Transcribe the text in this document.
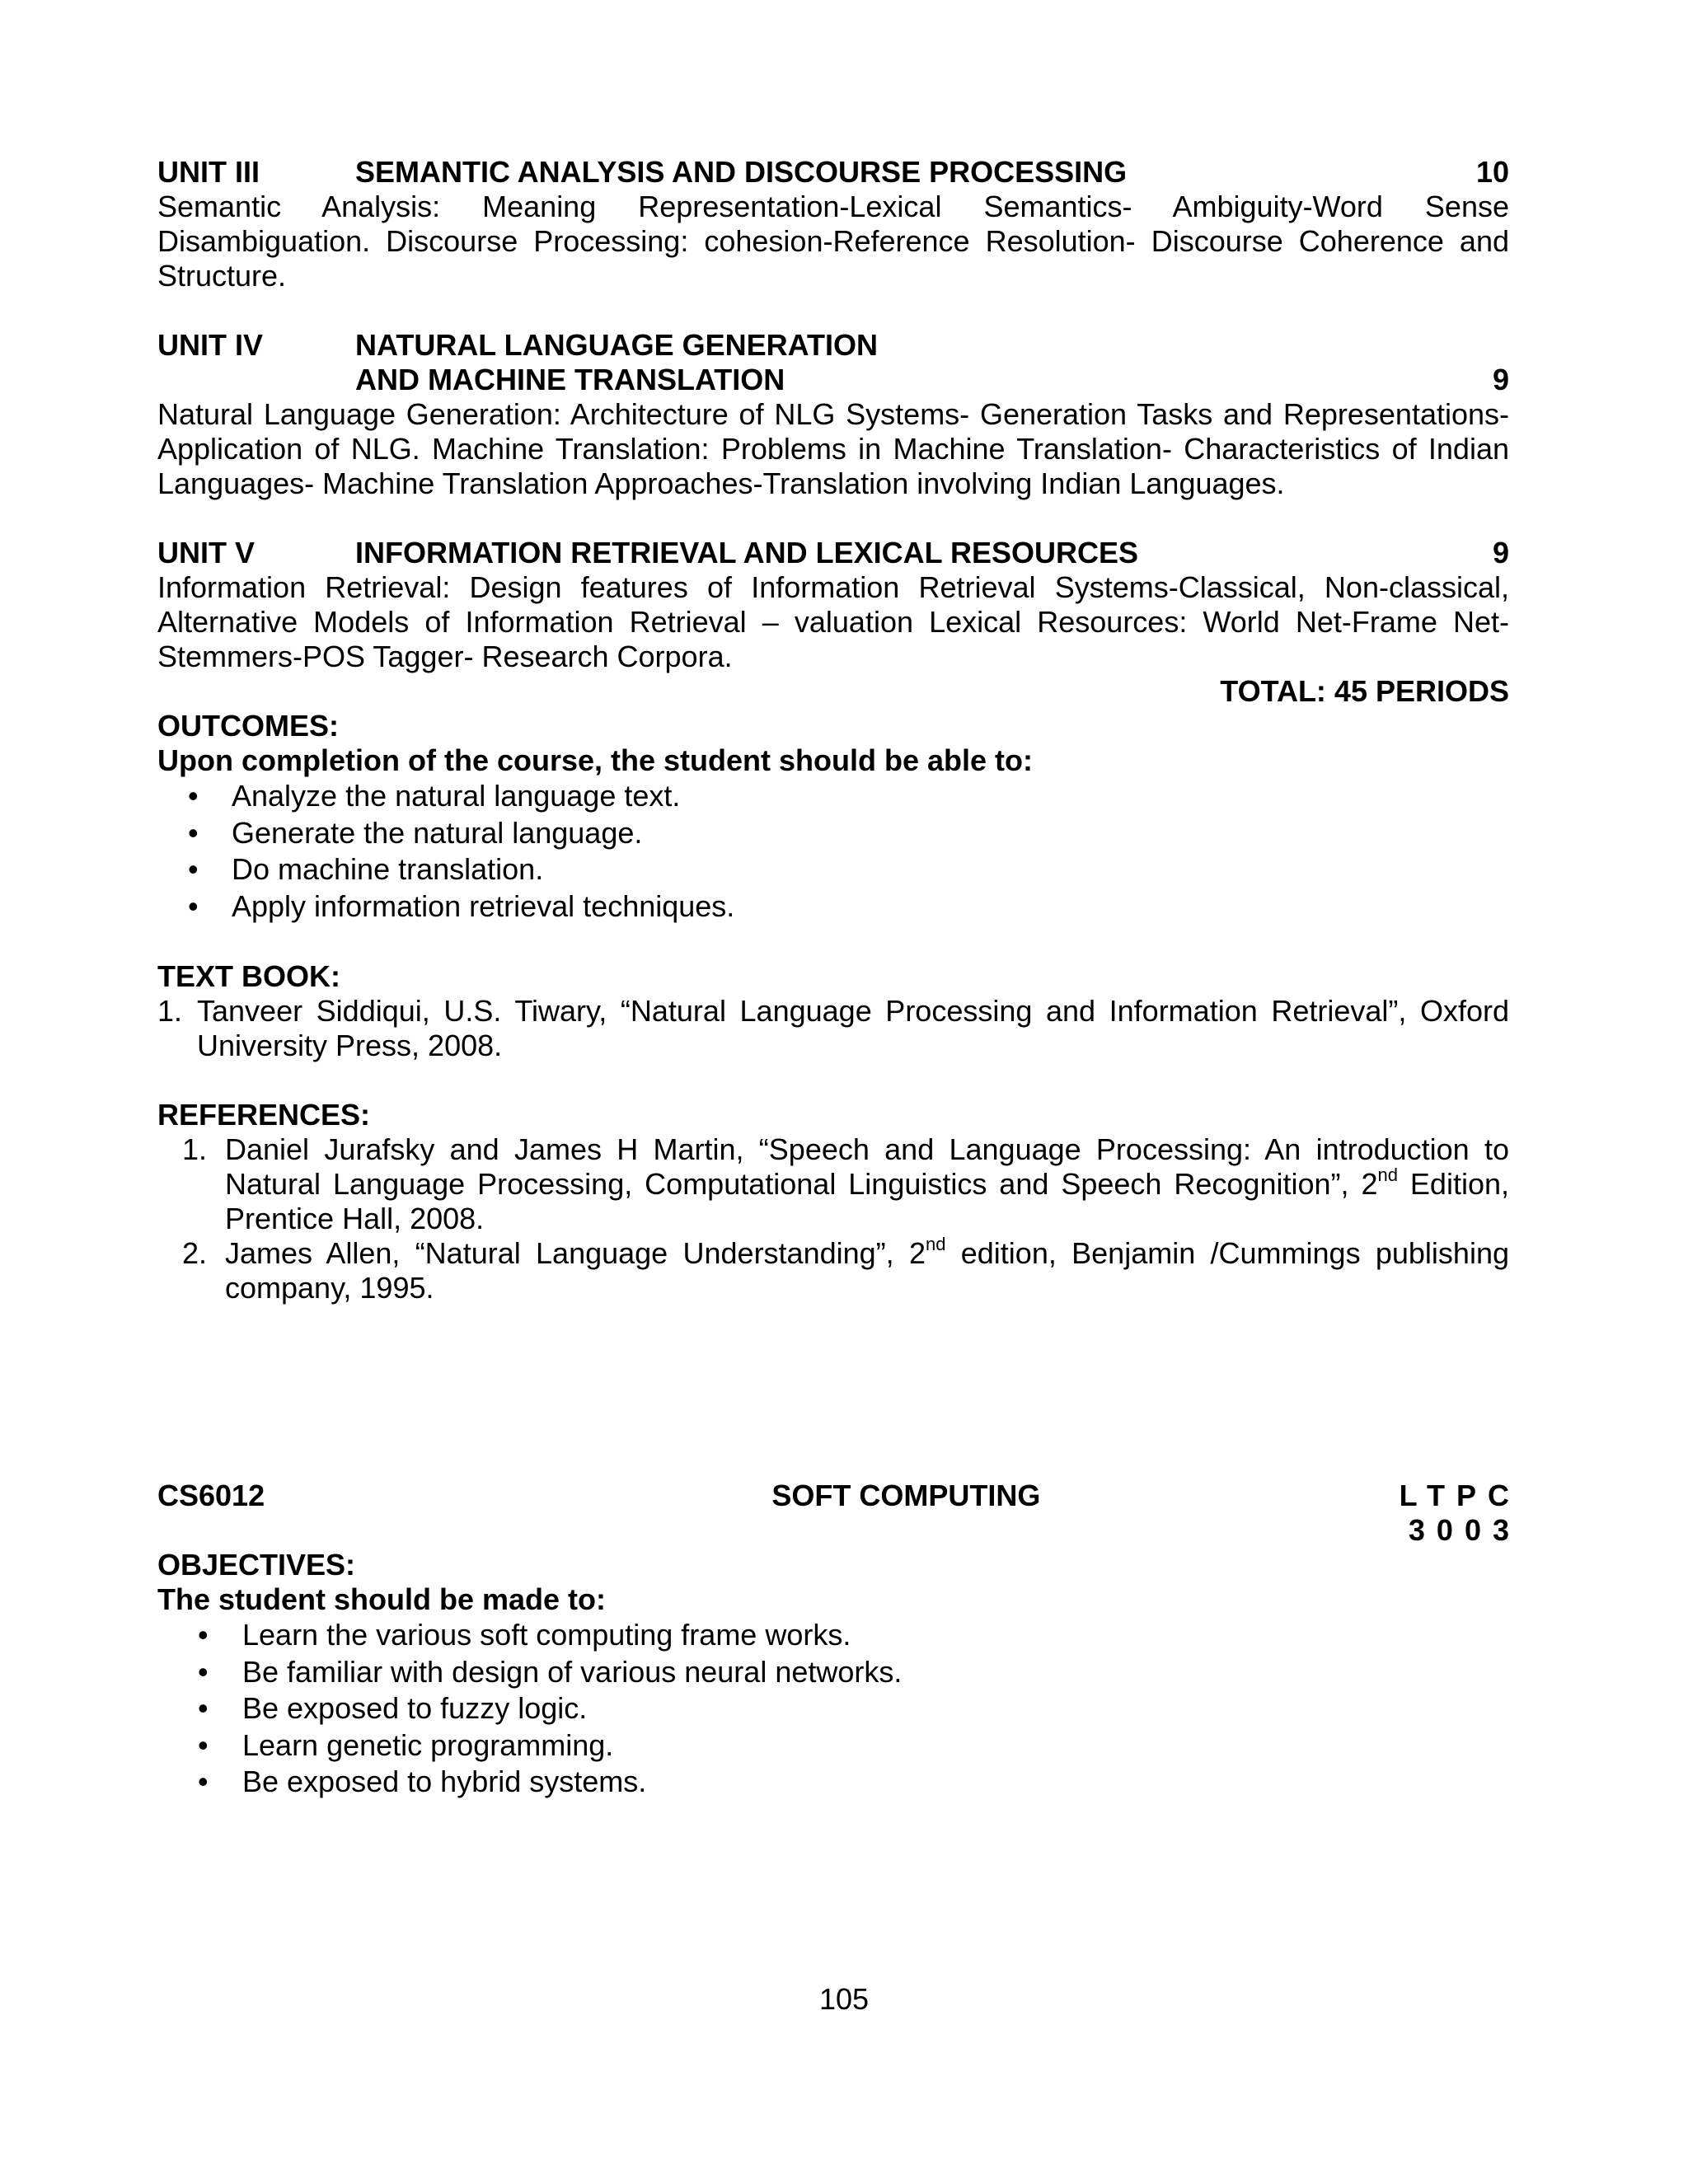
UNIT III	SEMANTIC ANALYSIS AND DISCOURSE PROCESSING	10
Semantic Analysis: Meaning Representation-Lexical Semantics- Ambiguity-Word Sense Disambiguation. Discourse Processing: cohesion-Reference Resolution- Discourse Coherence and Structure.
UNIT IV	NATURAL LANGUAGE GENERATION
AND MACHINE TRANSLATION	9
Natural Language Generation: Architecture of NLG Systems- Generation Tasks and Representations- Application of NLG. Machine Translation: Problems in Machine Translation- Characteristics of Indian Languages- Machine Translation Approaches-Translation involving Indian Languages.
UNIT V	INFORMATION RETRIEVAL AND LEXICAL RESOURCES	9
Information Retrieval: Design features of Information Retrieval Systems-Classical, Non-classical, Alternative Models of Information Retrieval – valuation Lexical Resources: World Net-Frame Net- Stemmers-POS Tagger- Research Corpora.
TOTAL: 45 PERIODS
OUTCOMES:
Upon completion of the course, the student should be able to:
• Analyze the natural language text.
• Generate the natural language.
• Do machine translation.
• Apply information retrieval techniques.
TEXT BOOK:
1. Tanveer Siddiqui, U.S. Tiwary, “Natural Language Processing and Information Retrieval”, Oxford University Press, 2008.
REFERENCES:
1. Daniel Jurafsky and James H Martin, “Speech and Language Processing: An introduction to Natural Language Processing, Computational Linguistics and Speech Recognition”, 2nd Edition, Prentice Hall, 2008.
2. James Allen, “Natural Language Understanding”, 2nd edition, Benjamin /Cummings publishing company, 1995.
CS6012	SOFT COMPUTING	LTPC
3003
OBJECTIVES:
The student should be made to:
• Learn the various soft computing frame works.
• Be familiar with design of various neural networks.
• Be exposed to fuzzy logic.
• Learn genetic programming.
• Be exposed to hybrid systems.
105
